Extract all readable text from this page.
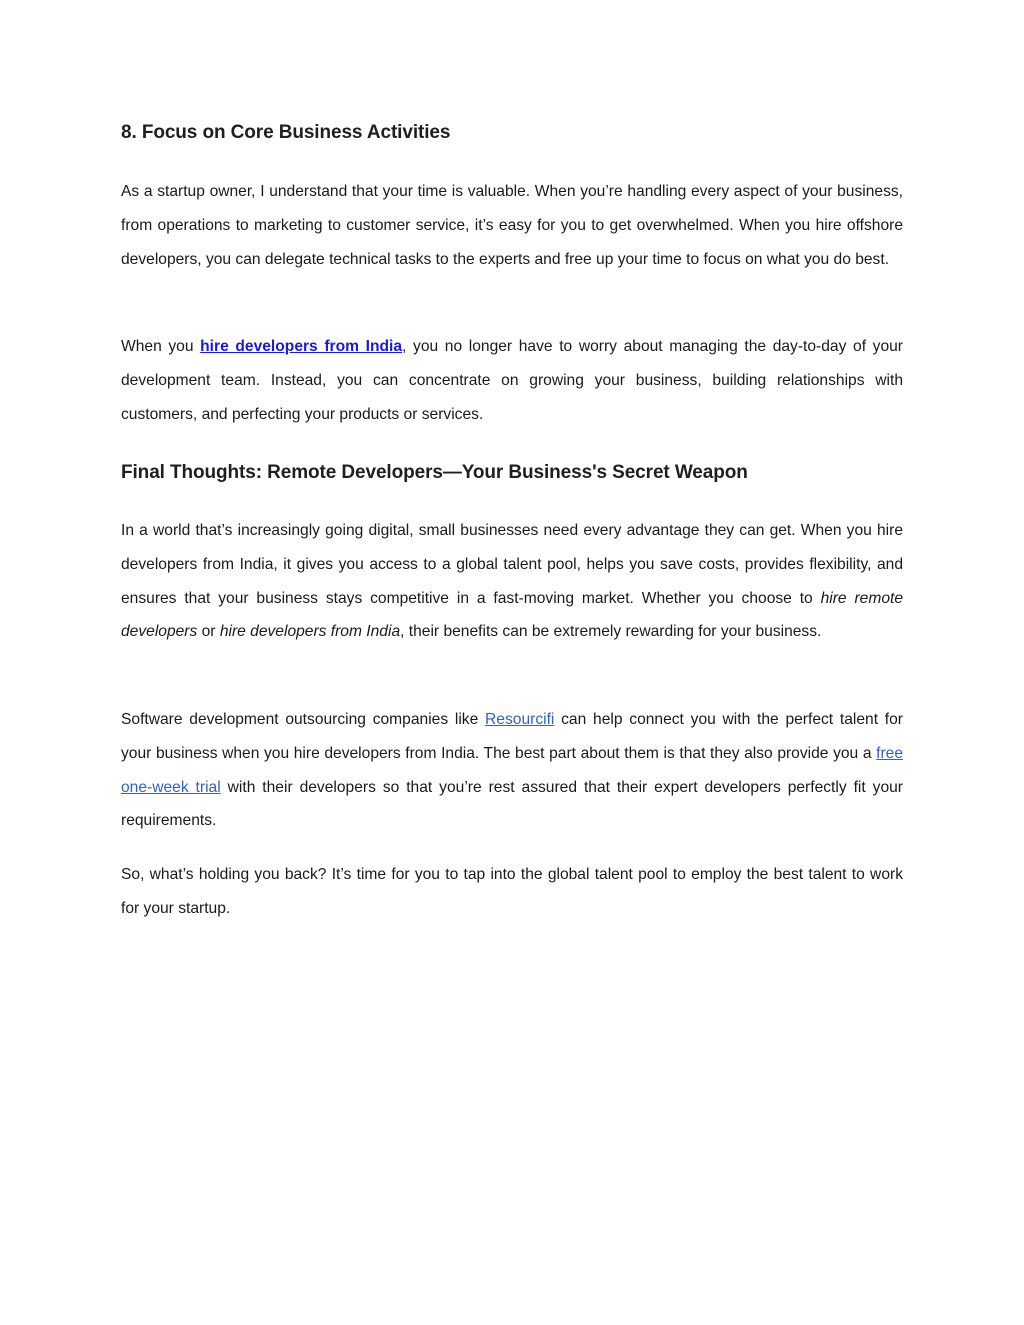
8. Focus on Core Business Activities

As a startup owner, I understand that your time is valuable. When you’re handling every aspect of your business, from operations to marketing to customer service, it’s easy for you to get overwhelmed. When you hire offshore developers, you can delegate technical tasks to the experts and free up your time to focus on what you do best.

When you hire developers from India, you no longer have to worry about managing the day-to-day of your development team. Instead, you can concentrate on growing your business, building relationships with customers, and perfecting your products or services.

Final Thoughts: Remote Developers—Your Business's Secret Weapon

In a world that’s increasingly going digital, small businesses need every advantage they can get. When you hire developers from India, it gives you access to a global talent pool, helps you save costs, provides flexibility, and ensures that your business stays competitive in a fast-moving market. Whether you choose to hire remote developers or hire developers from India, their benefits can be extremely rewarding for your business.

Software development outsourcing companies like Resourcifi can help connect you with the perfect talent for your business when you hire developers from India. The best part about them is that they also provide you a free one-week trial with their developers so that you’re rest assured that their expert developers perfectly fit your requirements.

So, what’s holding you back? It’s time for you to tap into the global talent pool to employ the best talent to work for your startup.
